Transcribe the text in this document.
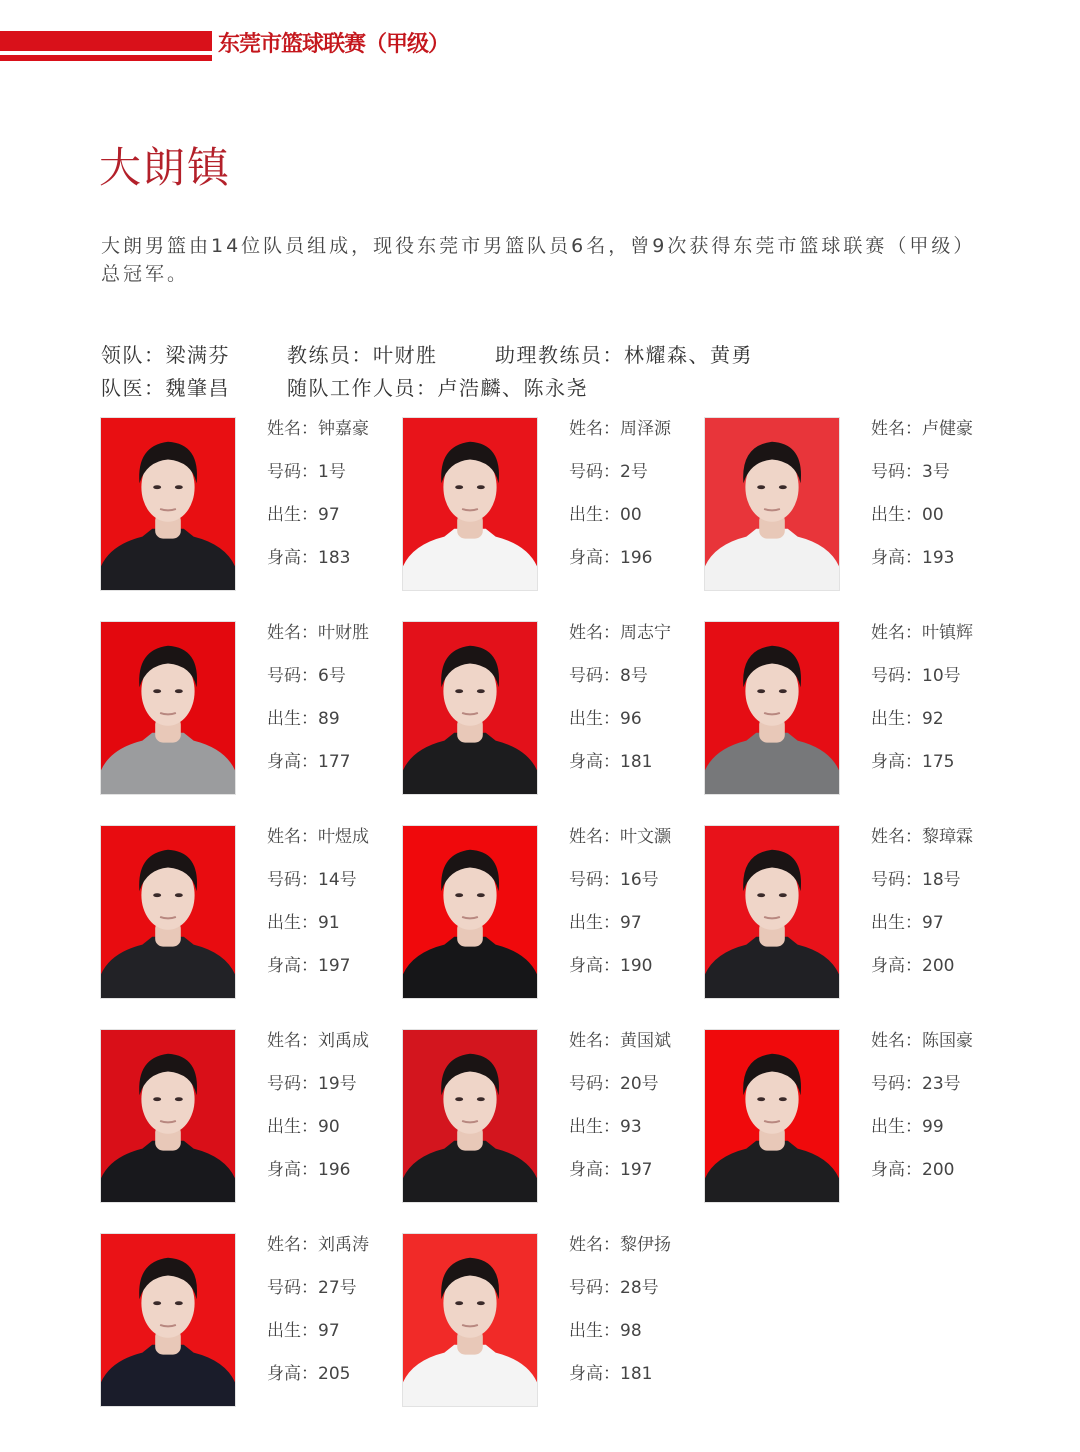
东莞市篮球联赛（甲级）
大朗镇
大朗男篮由14位队员组成，现役东莞市男篮队员6名，曾9次获得东莞市篮球联赛（甲级）总冠军。
领队：梁满芬	教练员：叶财胜	助理教练员：林耀森、黄勇
队医：魏肇昌	随队工作人员：卢浩麟、陈永尧
姓名：钟嘉豪
号码：1号
出生：97
身高：183
姓名：周泽源
号码：2号
出生：00
身高：196
姓名：卢健豪
号码：3号
出生：00
身高：193
姓名：叶财胜
号码：6号
出生：89
身高：177
姓名：周志宁
号码：8号
出生：96
身高：181
姓名：叶镇辉
号码：10号
出生：92
身高：175
姓名：叶煜成
号码：14号
出生：91
身高：197
姓名：叶文灏
号码：16号
出生：97
身高：190
姓名：黎璋霖
号码：18号
出生：97
身高：200
姓名：刘禹成
号码：19号
出生：90
身高：196
姓名：黄国斌
号码：20号
出生：93
身高：197
姓名：陈国豪
号码：23号
出生：99
身高：200
姓名：刘禹涛
号码：27号
出生：97
身高：205
姓名：黎伊扬
号码：28号
出生：98
身高：181
